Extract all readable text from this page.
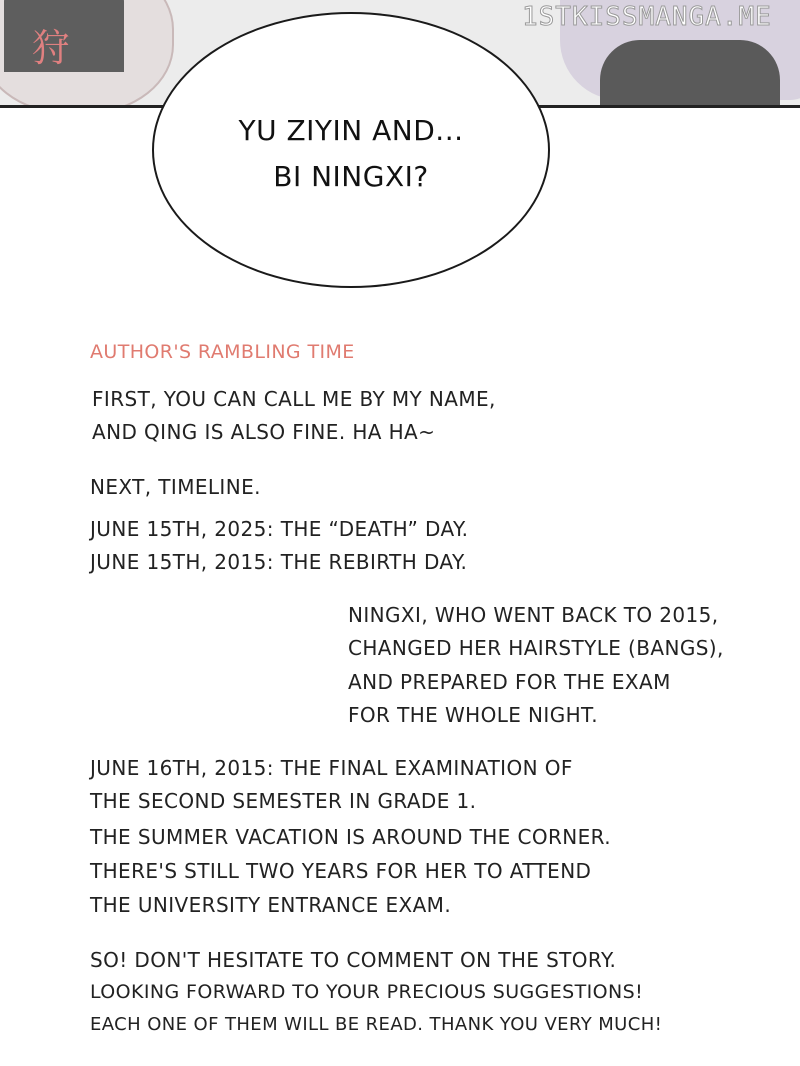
狩
1STKISSMANGA.ME
YU ZIYIN AND...
BI NINGXI?
AUTHOR'S RAMBLING TIME
FIRST, YOU CAN CALL ME BY MY NAME,
AND QING IS ALSO FINE. HA HA~
NEXT, TIMELINE.
JUNE 15TH, 2025: THE “DEATH” DAY.
JUNE 15TH, 2015: THE REBIRTH DAY.
NINGXI, WHO WENT BACK TO 2015,
CHANGED HER HAIRSTYLE (BANGS),
AND PREPARED FOR THE EXAM
FOR THE WHOLE NIGHT.
JUNE 16TH, 2015: THE FINAL EXAMINATION OF
THE SECOND SEMESTER IN GRADE 1.
THE SUMMER VACATION IS AROUND THE CORNER.
THERE'S STILL TWO YEARS FOR HER TO ATTEND
THE UNIVERSITY ENTRANCE EXAM.
SO! DON'T HESITATE TO COMMENT ON THE STORY.
LOOKING FORWARD TO YOUR PRECIOUS SUGGESTIONS!
EACH ONE OF THEM WILL BE READ. THANK YOU VERY MUCH!
